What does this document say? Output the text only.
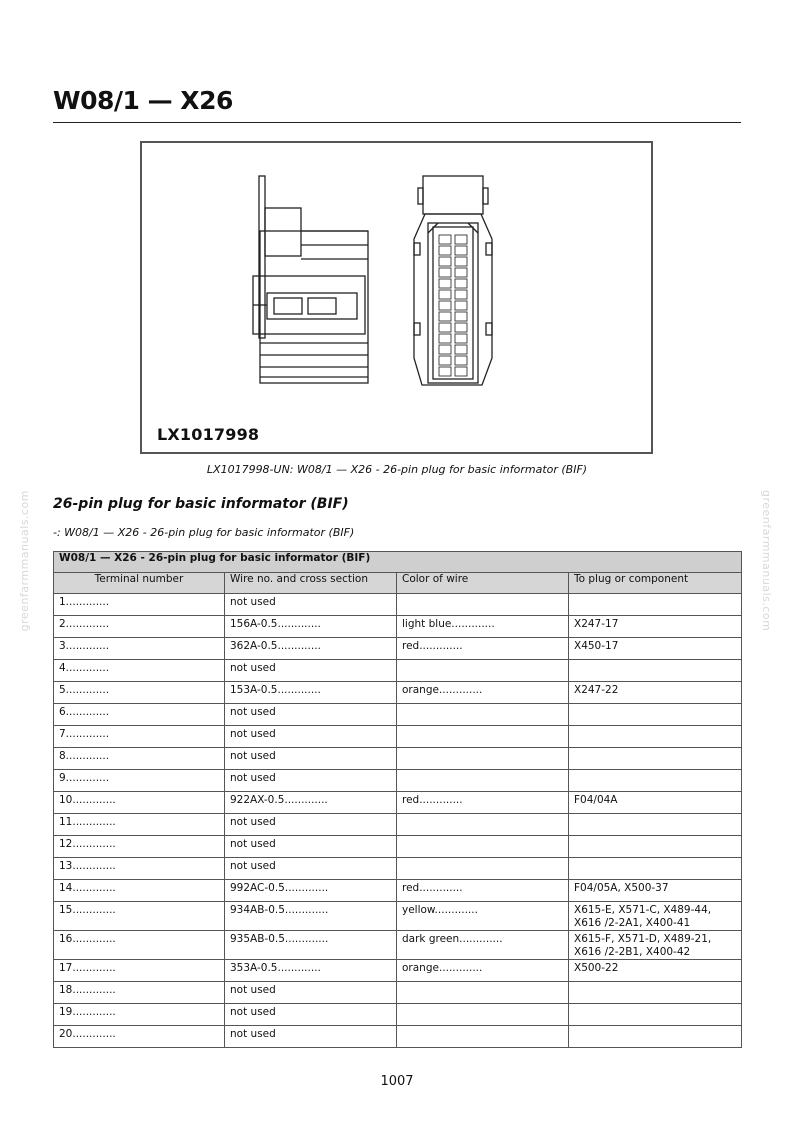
W08/1 — X26
LX1017998
LX1017998-UN: W08/1 — X26 - 26-pin plug for basic informator (BIF)
greenfarmmanuals.com	greenfarmmanuals.com
26-pin plug for basic informator (BIF)
-: W08/1 — X26 - 26-pin plug for basic informator (BIF)
W08/1 — X26 - 26-pin plug for basic informator (BIF)			
Terminal number	Wire no. and cross section	Color of wire	To plug or component
1.............	not used		
2.............	156A-0.5.............	light blue.............	X247-17
3.............	362A-0.5.............	red.............	X450-17
4.............	not used		
5.............	153A-0.5.............	orange.............	X247-22
6.............	not used		
7.............	not used		
8.............	not used		
9.............	not used		
10.............	922AX-0.5.............	red.............	F04/04A
11.............	not used		
12.............	not used		
13.............	not used		
14.............	992AC-0.5.............	red.............	F04/05A, X500-37
15.............	934AB-0.5.............	yellow.............	X615-E, X571-C, X489-44, X616 /2-2A1, X400-41
16.............	935AB-0.5.............	dark green.............	X615-F, X571-D, X489-21, X616 /2-2B1, X400-42
17.............	353A-0.5.............	orange.............	X500-22
18.............	not used		
19.............	not used		
20.............	not used		
1007
